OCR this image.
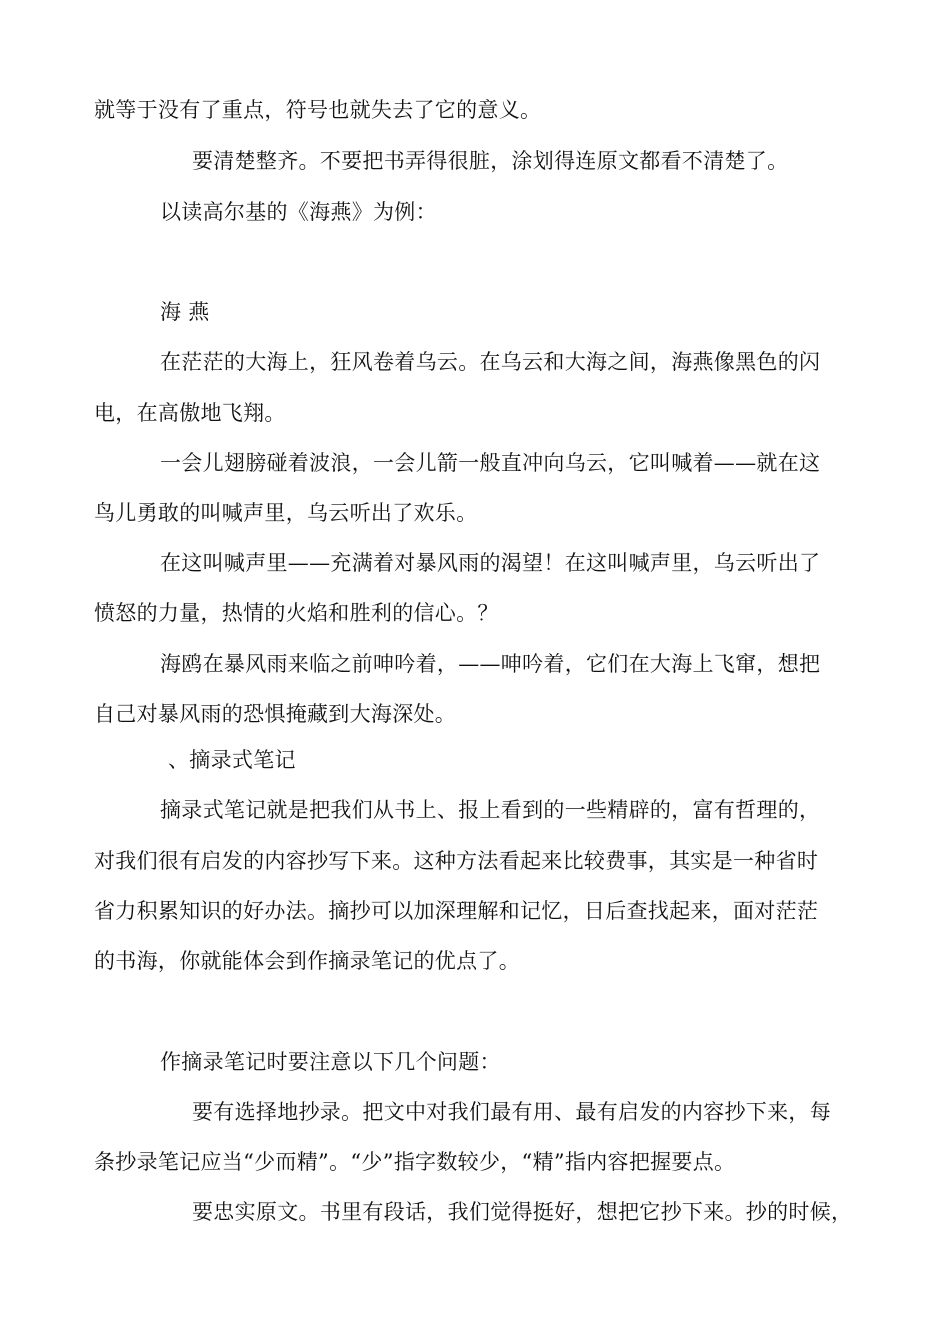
就等于没有了重点，符号也就失去了它的意义。
要清楚整齐。不要把书弄得很脏，涂划得连原文都看不清楚了。
以读高尔基的《海燕》为例：
海 燕
在茫茫的大海上，狂风卷着乌云。在乌云和大海之间，海燕像黑色的闪
电，在高傲地飞翔。
一会儿翅膀碰着波浪，一会儿箭一般直冲向乌云，它叫喊着——就在这
鸟儿勇敢的叫喊声里，乌云听出了欢乐。
在这叫喊声里——充满着对暴风雨的渴望！在这叫喊声里，乌云听出了
愤怒的力量，热情的火焰和胜利的信心。？
海鸥在暴风雨来临之前呻吟着，——呻吟着，它们在大海上飞窜，想把
自己对暴风雨的恐惧掩藏到大海深处。
、摘录式笔记
摘录式笔记就是把我们从书上、报上看到的一些精辟的，富有哲理的，
对我们很有启发的内容抄写下来。这种方法看起来比较费事，其实是一种省时
省力积累知识的好办法。摘抄可以加深理解和记忆，日后查找起来，面对茫茫
的书海，你就能体会到作摘录笔记的优点了。
作摘录笔记时要注意以下几个问题：
要有选择地抄录。把文中对我们最有用、最有启发的内容抄下来，每
条抄录笔记应当“少而精”。“少”指字数较少，“精”指内容把握要点。
要忠实原文。书里有段话，我们觉得挺好，想把它抄下来。抄的时候，
